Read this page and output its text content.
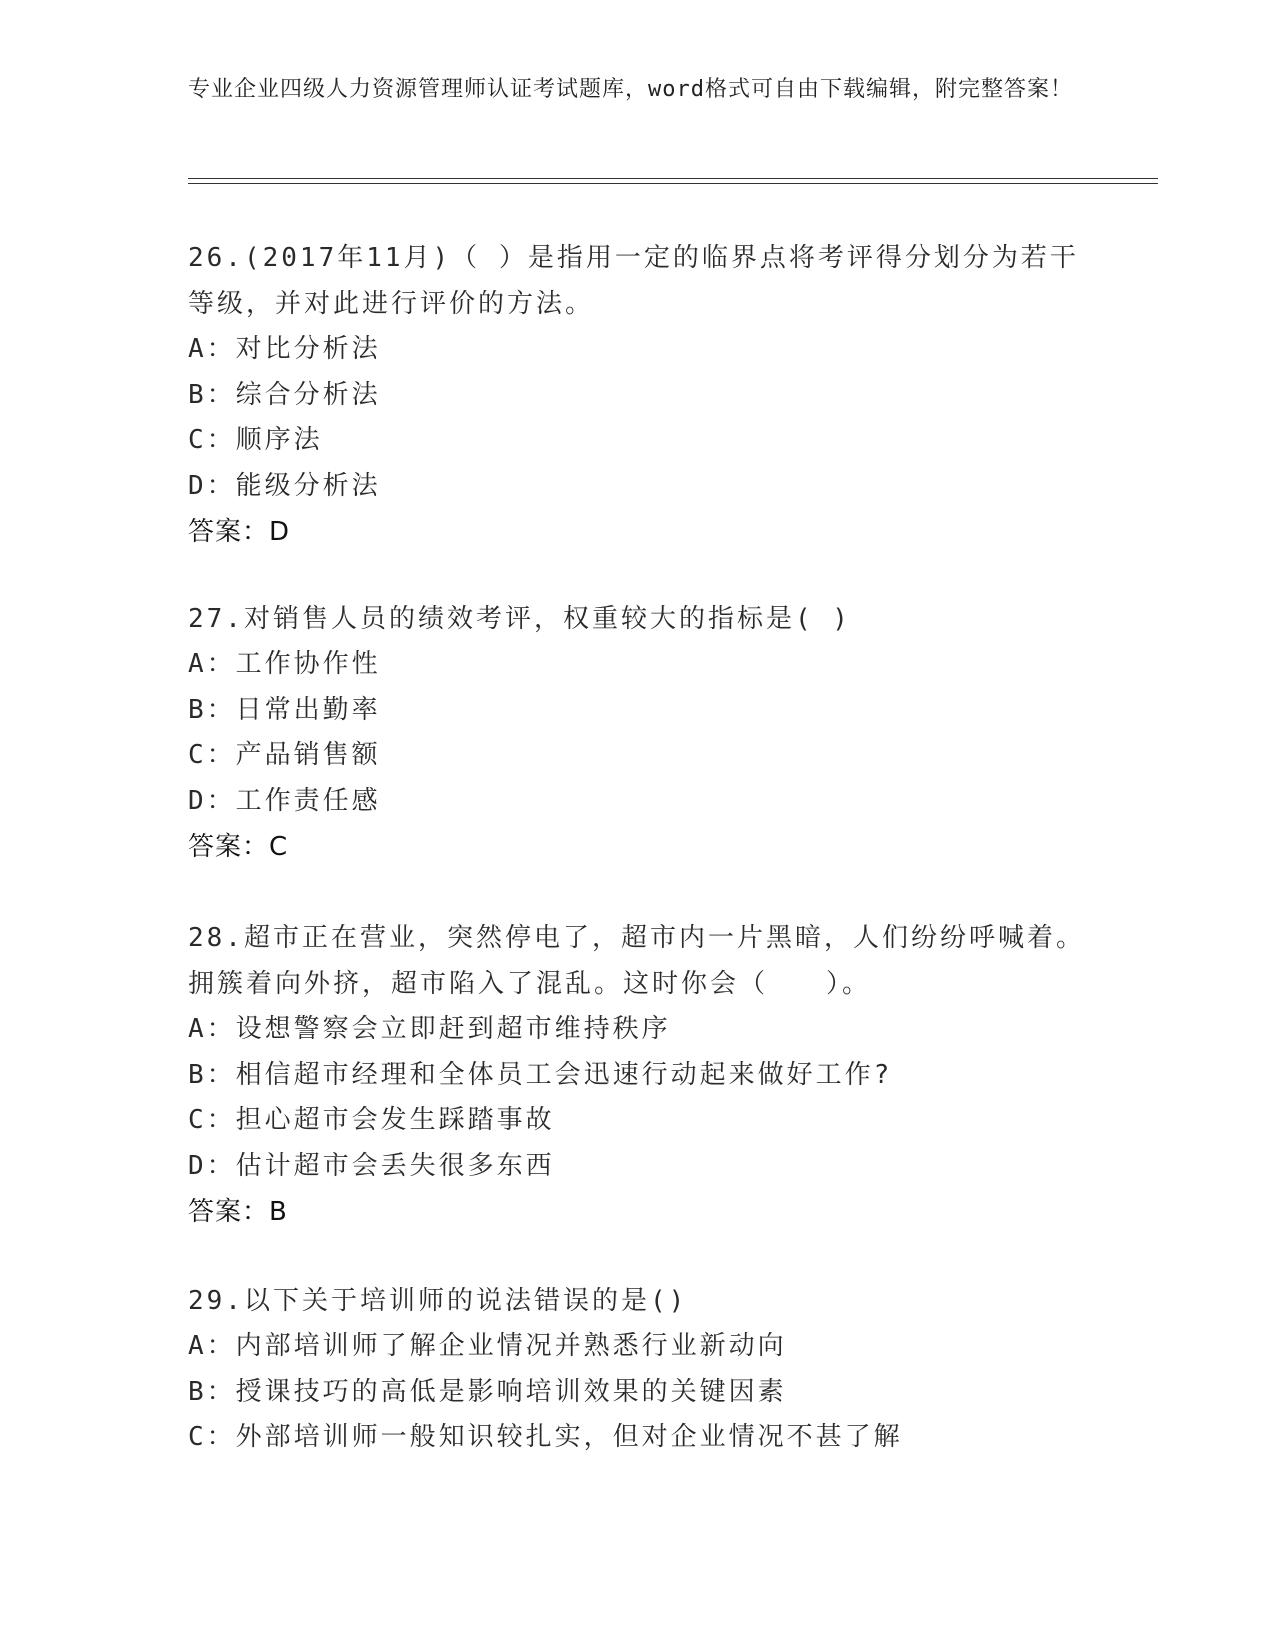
专业企业四级人力资源管理师认证考试题库，word格式可自由下载编辑，附完整答案！

26.(2017年11月)（ ）是指用一定的临界点将考评得分划分为若干等级，并对此进行评价的方法。

A：对比分析法

B：综合分析法

C：顺序法

D：能级分析法

答案：D

27.对销售人员的绩效考评，权重较大的指标是( )

A：工作协作性

B：日常出勤率

C：产品销售额

D：工作责任感

答案：C

28.超市正在营业，突然停电了，超市内一片黑暗，人们纷纷呼喊着。拥簇着向外挤，超市陷入了混乱。这时你会（　　）。

A：设想警察会立即赶到超市维持秩序

B：相信超市经理和全体员工会迅速行动起来做好工作?

C：担心超市会发生踩踏事故

D：估计超市会丢失很多东西

答案：B

29.以下关于培训师的说法错误的是()

A：内部培训师了解企业情况并熟悉行业新动向

B：授课技巧的高低是影响培训效果的关键因素

C：外部培训师一般知识较扎实，但对企业情况不甚了解
